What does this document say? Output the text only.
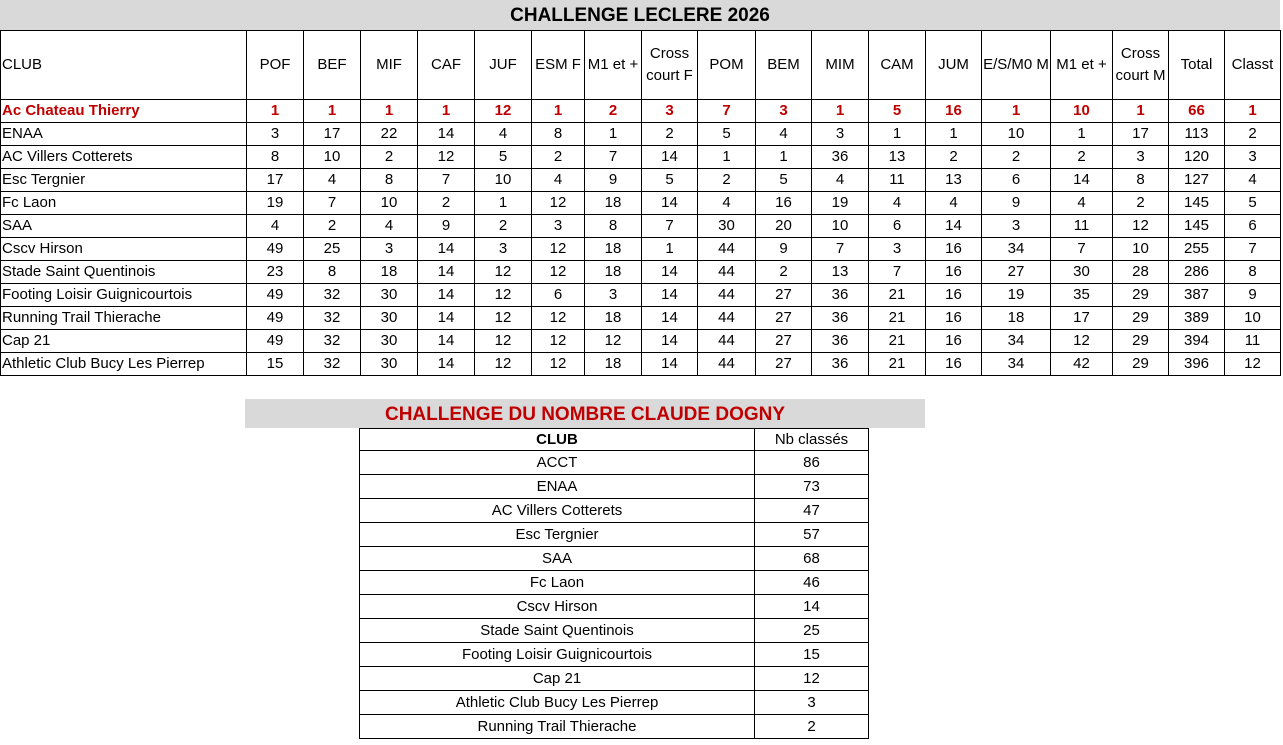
CHALLENGE LECLERE 2026
CLUB	POF	BEF	MIF	CAF	JUF	ESM F	M1 et +	Cross court F	POM	BEM	MIM	CAM	JUM	E/S/M0 M	M1 et +	Cross court M	Total	Classt
Ac Chateau Thierry	1	1	1	1	12	1	2	3	7	3	1	5	16	1	10	1	66	1
ENAA	3	17	22	14	4	8	1	2	5	4	3	1	1	10	1	17	113	2
AC Villers Cotterets	8	10	2	12	5	2	7	14	1	1	36	13	2	2	2	3	120	3
Esc Tergnier	17	4	8	7	10	4	9	5	2	5	4	11	13	6	14	8	127	4
Fc Laon	19	7	10	2	1	12	18	14	4	16	19	4	4	9	4	2	145	5
SAA	4	2	4	9	2	3	8	7	30	20	10	6	14	3	11	12	145	6
Cscv Hirson	49	25	3	14	3	12	18	1	44	9	7	3	16	34	7	10	255	7
Stade Saint Quentinois	23	8	18	14	12	12	18	14	44	2	13	7	16	27	30	28	286	8
Footing Loisir Guignicourtois	49	32	30	14	12	6	3	14	44	27	36	21	16	19	35	29	387	9
Running Trail Thierache	49	32	30	14	12	12	18	14	44	27	36	21	16	18	17	29	389	10
Cap 21	49	32	30	14	12	12	12	14	44	27	36	21	16	34	12	29	394	11
Athletic Club Bucy Les Pierrep	15	32	30	14	12	12	18	14	44	27	36	21	16	34	42	29	396	12
CHALLENGE DU NOMBRE CLAUDE DOGNY
CLUB	Nb classés
ACCT	86
ENAA	73
AC Villers Cotterets	47
Esc Tergnier	57
SAA	68
Fc Laon	46
Cscv Hirson	14
Stade Saint Quentinois	25
Footing Loisir Guignicourtois	15
Cap 21	12
Athletic Club Bucy Les Pierrep	3
Running Trail Thierache	2
